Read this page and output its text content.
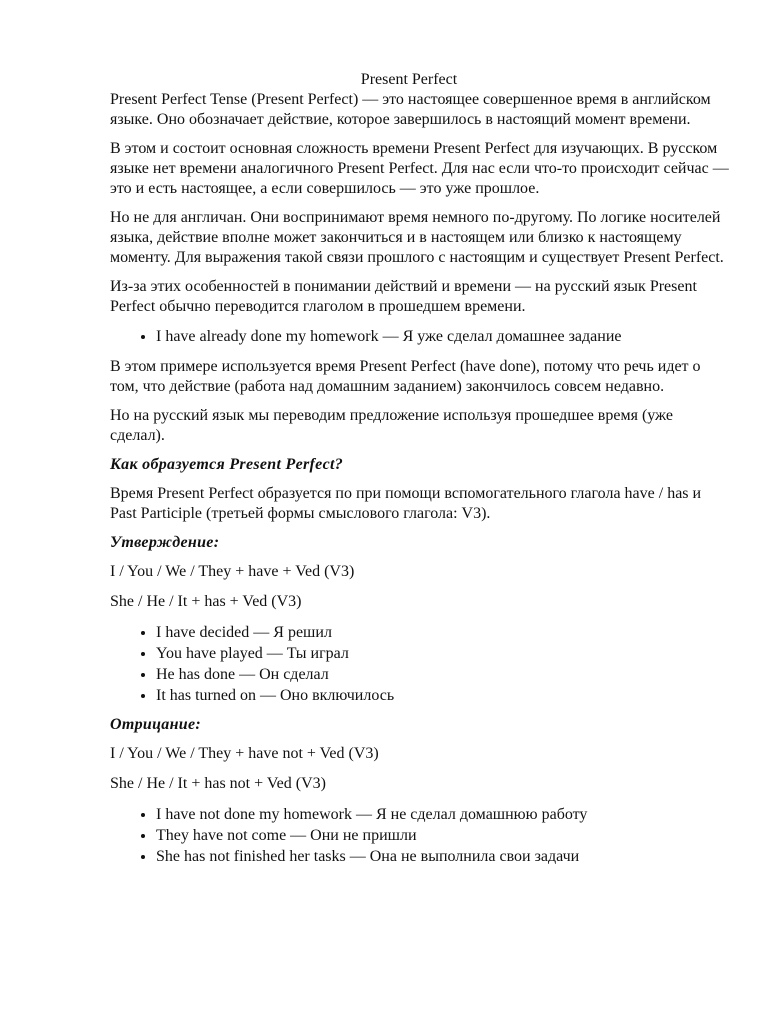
Present Perfect

Present Perfect Tense (Present Perfect) — это настоящее совершенное время в английском языке. Оно обозначает действие, которое завершилось в настоящий момент времени.

В этом и состоит основная сложность времени Present Perfect для изучающих. В русском языке нет времени аналогичного Present Perfect. Для нас если что-то происходит сейчас — это и есть настоящее, а если совершилось — это уже прошлое.

Но не для англичан. Они воспринимают время немного по-другому. По логике носителей языка, действие вполне может закончиться и в настоящем или близко к настоящему моменту. Для выражения такой связи прошлого с настоящим и существует Present Perfect.

Из-за этих особенностей в понимании действий и времени — на русский язык Present Perfect обычно переводится глаголом в прошедшем времени.

• I have already done my homework — Я уже сделал домашнее задание

В этом примере используется время Present Perfect (have done), потому что речь идет о том, что действие (работа над домашним заданием) закончилось совсем недавно.

Но на русский язык мы переводим предложение используя прошедшее время (уже сделал).

Как образуется Present Perfect?

Время Present Perfect образуется по при помощи вспомогательного глагола have / has и Past Participle (третьей формы смыслового глагола: V3).

Утверждение:

I / You / We / They + have + Ved (V3)

She / He / It + has + Ved (V3)

• I have decided — Я решил
• You have played — Ты играл
• He has done — Он сделал
• It has turned on — Оно включилось

Отрицание:

I / You / We / They + have not + Ved (V3)

She / He / It + has not + Ved (V3)

• I have not done my homework — Я не сделал домашнюю работу
• They have not come — Они не пришли
• She has not finished her tasks — Она не выполнила свои задачи
